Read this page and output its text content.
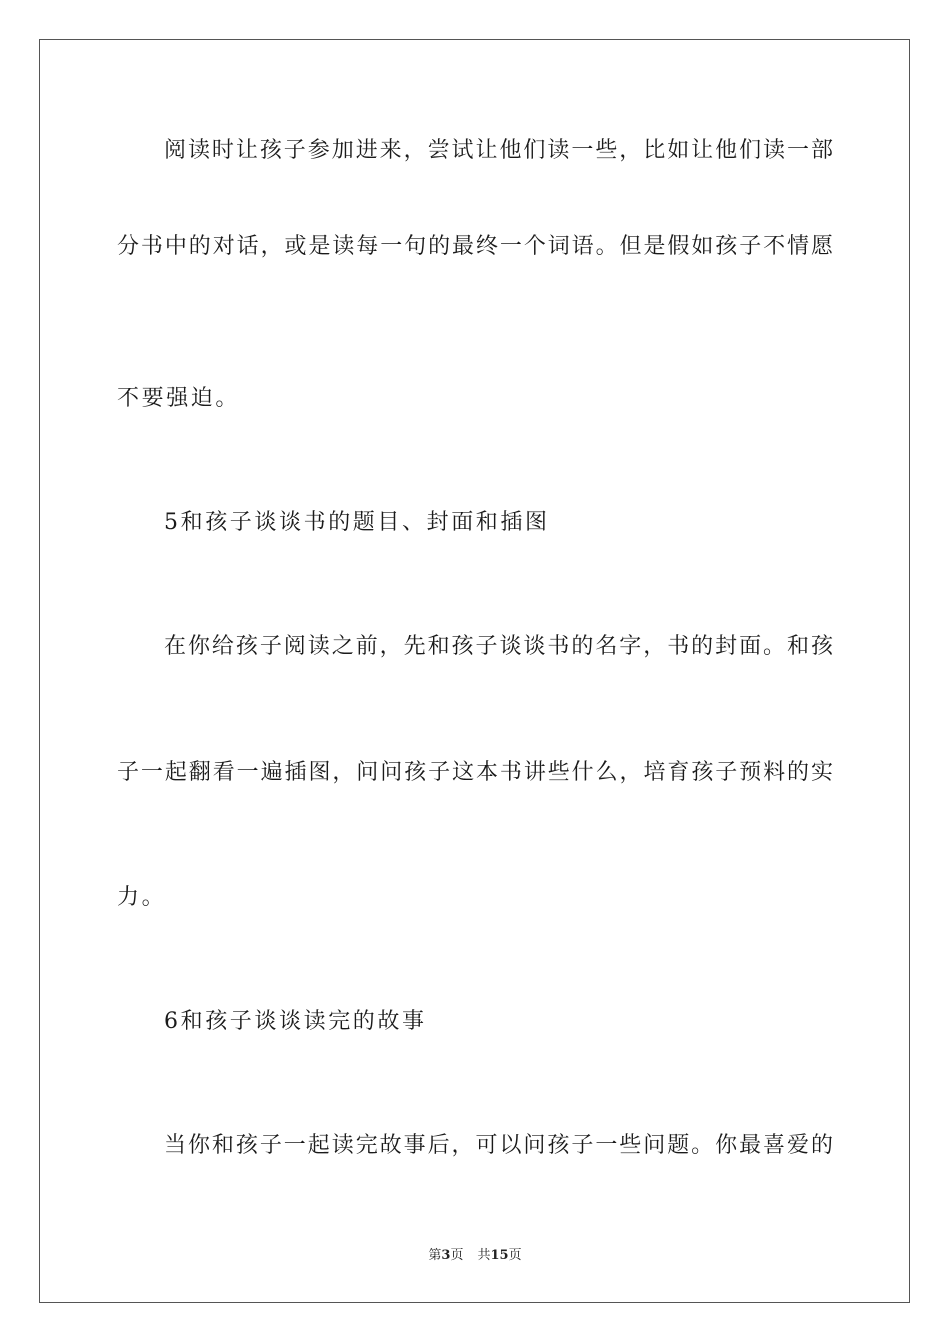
阅读时让孩子参加进来，尝试让他们读一些，比如让他们读一部
分书中的对话，或是读每一句的最终一个词语。但是假如孩子不情愿
不要强迫。
5和孩子谈谈书的题目、封面和插图
在你给孩子阅读之前，先和孩子谈谈书的名字，书的封面。和孩
子一起翻看一遍插图，问问孩子这本书讲些什么，培育孩子预料的实
力。
6和孩子谈谈读完的故事
当你和孩子一起读完故事后，可以问孩子一些问题。你最喜爱的
第3页 共15页
